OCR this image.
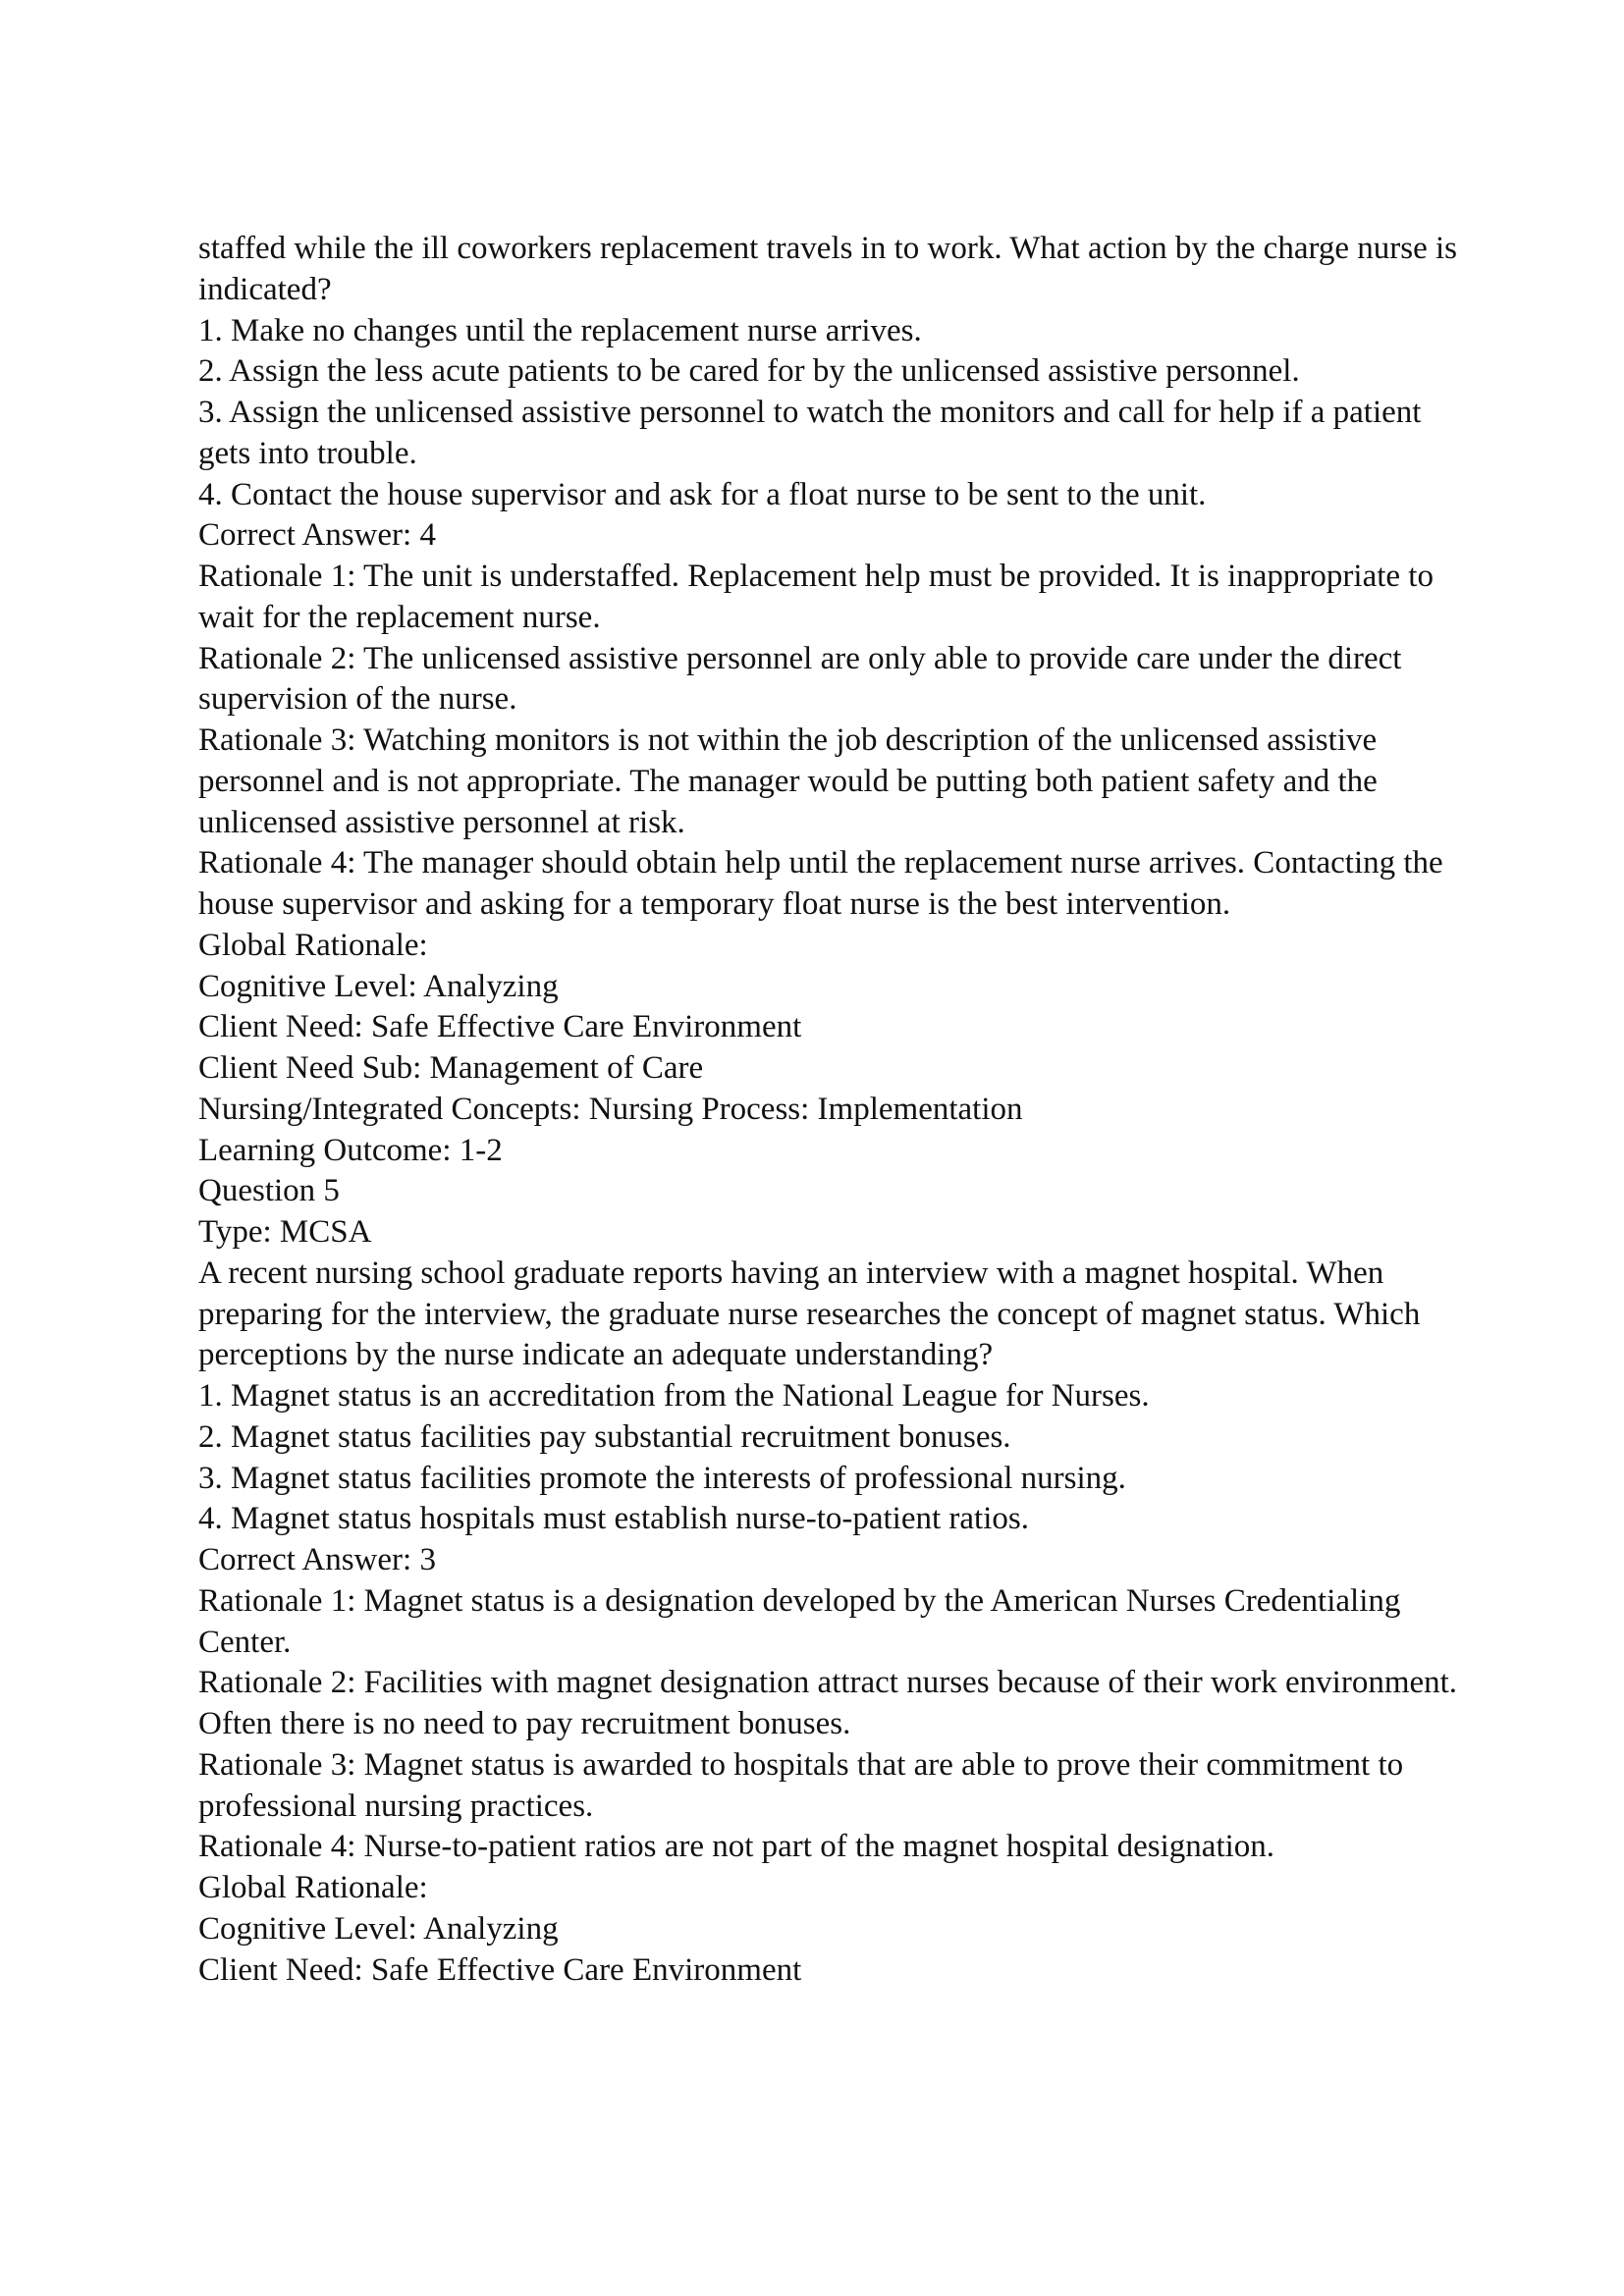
staffed while the ill coworkers replacement travels in to work. What action by the charge nurse is
indicated?
1. Make no changes until the replacement nurse arrives.
2. Assign the less acute patients to be cared for by the unlicensed assistive personnel.
3. Assign the unlicensed assistive personnel to watch the monitors and call for help if a patient
gets into trouble.
4. Contact the house supervisor and ask for a float nurse to be sent to the unit.
Correct Answer: 4
Rationale 1: The unit is understaffed. Replacement help must be provided. It is inappropriate to
wait for the replacement nurse.
Rationale 2: The unlicensed assistive personnel are only able to provide care under the direct
supervision of the nurse.
Rationale 3: Watching monitors is not within the job description of the unlicensed assistive
personnel and is not appropriate. The manager would be putting both patient safety and the
unlicensed assistive personnel at risk.
Rationale 4: The manager should obtain help until the replacement nurse arrives. Contacting the
house supervisor and asking for a temporary float nurse is the best intervention.
Global Rationale:
Cognitive Level: Analyzing
Client Need: Safe Effective Care Environment
Client Need Sub: Management of Care
Nursing/Integrated Concepts: Nursing Process: Implementation
Learning Outcome: 1-2
Question 5
Type: MCSA
A recent nursing school graduate reports having an interview with a magnet hospital. When
preparing for the interview, the graduate nurse researches the concept of magnet status. Which
perceptions by the nurse indicate an adequate understanding?
1. Magnet status is an accreditation from the National League for Nurses.
2. Magnet status facilities pay substantial recruitment bonuses.
3. Magnet status facilities promote the interests of professional nursing.
4. Magnet status hospitals must establish nurse-to-patient ratios.
Correct Answer: 3
Rationale 1: Magnet status is a designation developed by the American Nurses Credentialing
Center.
Rationale 2: Facilities with magnet designation attract nurses because of their work environment.
Often there is no need to pay recruitment bonuses.
Rationale 3: Magnet status is awarded to hospitals that are able to prove their commitment to
professional nursing practices.
Rationale 4: Nurse-to-patient ratios are not part of the magnet hospital designation.
Global Rationale:
Cognitive Level: Analyzing
Client Need: Safe Effective Care Environment
